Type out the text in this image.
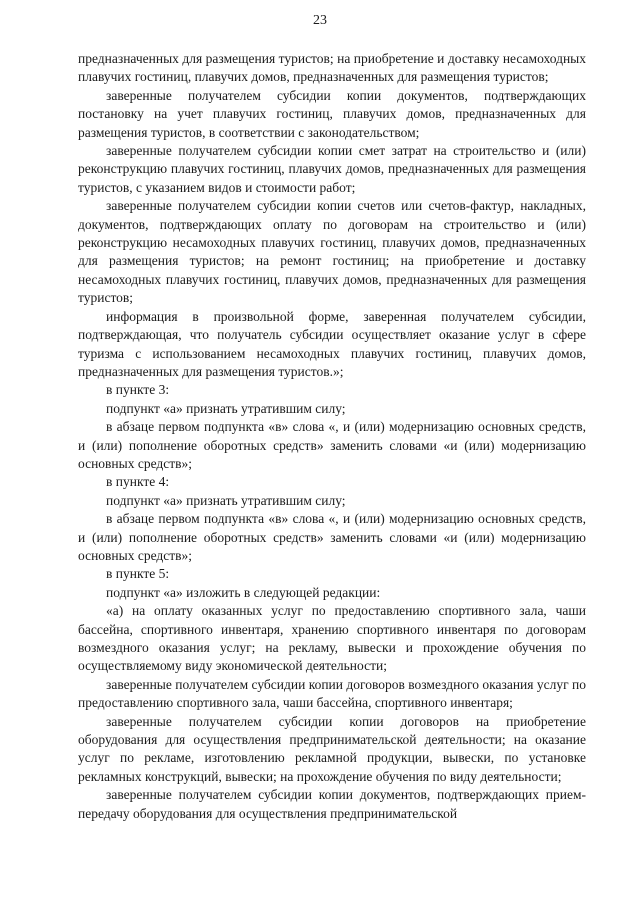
23

предназначенных для размещения туристов; на приобретение и доставку несамоходных плавучих гостиниц, плавучих домов, предназначенных для размещения туристов;

заверенные получателем субсидии копии документов, подтверждающих постановку на учет плавучих гостиниц, плавучих домов, предназначенных для размещения туристов, в соответствии с законодательством;

заверенные получателем субсидии копии смет затрат на строительство и (или) реконструкцию плавучих гостиниц, плавучих домов, предназначенных для размещения туристов, с указанием видов и стоимости работ;

заверенные получателем субсидии копии счетов или счетов-фактур, накладных, документов, подтверждающих оплату по договорам на строительство и (или) реконструкцию несамоходных плавучих гостиниц, плавучих домов, предназначенных для размещения туристов; на ремонт гостиниц; на приобретение и доставку несамоходных плавучих гостиниц, плавучих домов, предназначенных для размещения туристов;

информация в произвольной форме, заверенная получателем субсидии, подтверждающая, что получатель субсидии осуществляет оказание услуг в сфере туризма с использованием несамоходных плавучих гостиниц, плавучих домов, предназначенных для размещения туристов.»;

в пункте 3:

подпункт «а» признать утратившим силу;

в абзаце первом подпункта «в» слова «, и (или) модернизацию основных средств, и (или) пополнение оборотных средств» заменить словами «и (или) модернизацию основных средств»;

в пункте 4:

подпункт «а» признать утратившим силу;

в абзаце первом подпункта «в» слова «, и (или) модернизацию основных средств, и (или) пополнение оборотных средств» заменить словами «и (или) модернизацию основных средств»;

в пункте 5:

подпункт «а» изложить в следующей редакции:

«а) на оплату оказанных услуг по предоставлению спортивного зала, чаши бассейна, спортивного инвентаря, хранению спортивного инвентаря по договорам возмездного оказания услуг; на рекламу, вывески и прохождение обучения по осуществляемому виду экономической деятельности;

заверенные получателем субсидии копии договоров возмездного оказания услуг по предоставлению спортивного зала, чаши бассейна, спортивного инвентаря;

заверенные получателем субсидии копии договоров на приобретение оборудования для осуществления предпринимательской деятельности; на оказание услуг по рекламе, изготовлению рекламной продукции, вывески, по установке рекламных конструкций, вывески; на прохождение обучения по виду деятельности;

заверенные получателем субсидии копии документов, подтверждающих прием-передачу оборудования для осуществления предпринимательской
